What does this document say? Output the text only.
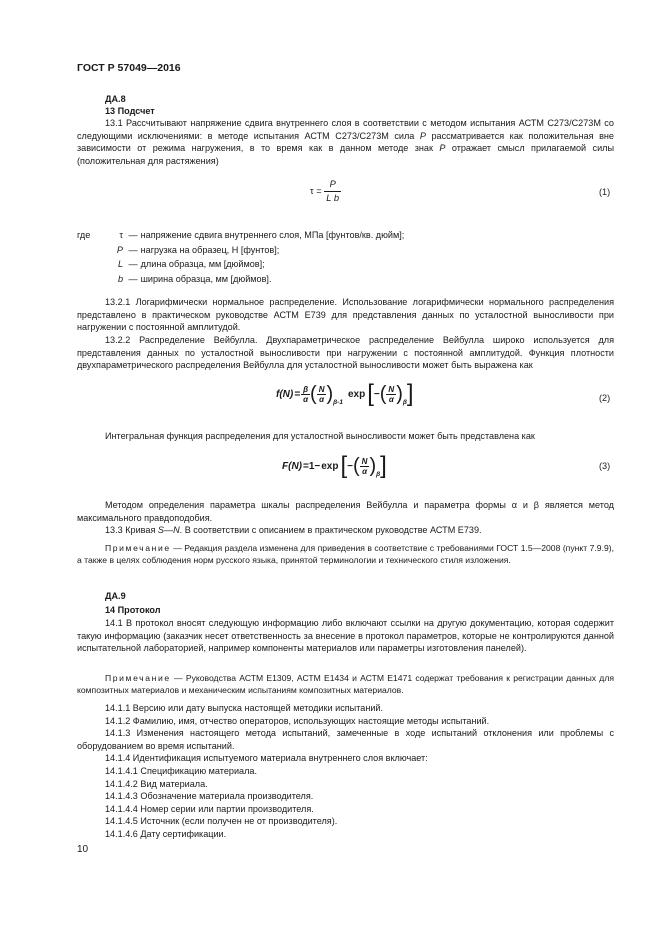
ГОСТ Р 57049—2016
ДА.8
13 Подсчет
13.1 Рассчитывают напряжение сдвига внутреннего слоя в соответствии с методом испытания АСТМ С273/С273М со следующими исключениями: в методе испытания АСТМ С273/С273М сила P рассматривается как положительная вне зависимости от режима нагружения, в то время как в данном методе знак P отражает смысл прилагаемой силы (положительная для растяжения)
$\tau = \frac{P}{\text{L b}}$	(1)
где	τ — напряжение сдвига внутреннего слоя, МПа [фунтов/кв. дюйм];
P — нагрузка на образец, Н [фунтов];
L — длина образца, мм [дюймов];
b — ширина образца, мм [дюймов].
13.2.1 Логарифмически нормальное распределение. Использование логарифмически нормального распределения представлено в практическом руководстве АСТМ Е739 для представления данных по усталостной выносливости при нагружении с постоянной амплитудой.
13.2.2 Распределение Вейбулла. Двухпараметрическое распределение Вейбулла широко используется для представления данных по усталостной выносливости при нагружении с постоянной амплитудой. Функция плотности двухпараметрического распределения Вейбулла для усталостной выносливости может быть выражена как
$f(N) = \frac{\beta}{\alpha}$ ( $\frac{N}{\alpha}$ ) β-1
exp [ − ( $\frac{N}{\alpha}$ ) β ]	(2)
Интегральная функция распределения для усталостной выносливости может быть представлена как
F(N) =1− exp [ − ( $\frac{N}{\alpha}$ ) β ]	(3)
Методом определения параметра шкалы распределения Вейбулла и параметра формы α и β является метод максимального правдоподобия.
13.3 Кривая S—N. В соответствии с описанием в практическом руководстве АСТМ Е739.
Примечание — Редакция раздела изменена для приведения в соответствие с требованиями ГОСТ 1.5—2008 (пункт 7.9.9), а также в целях соблюдения норм русского языка, принятой терминологии и технического стиля изложения.
ДА.9
14 Протокол
14.1 В протокол вносят следующую информацию либо включают ссылки на другую документацию, которая содержит такую информацию (заказчик несет ответственность за внесение в протокол параметров, которые не контролируются данной испытательной лабораторией, например компоненты материалов или параметры изготовления панелей).
Примечание — Руководства АСТМ Е1309, АСТМ Е1434 и АСТМ Е1471 содержат требования к регистрации данных для композитных материалов и механическим испытаниям композитных материалов.
14.1.1 Версию или дату выпуска настоящей методики испытаний.
14.1.2 Фамилию, имя, отчество операторов, использующих настоящие методы испытаний.
14.1.3 Изменения настоящего метода испытаний, замеченные в ходе испытаний отклонения или проблемы с оборудованием во время испытаний.
14.1.4 Идентификация испытуемого материала внутреннего слоя включает:
14.1.4.1 Спецификацию материала.
14.1.4.2 Вид материала.
14.1.4.3 Обозначение материала производителя.
14.1.4.4 Номер серии или партии производителя.
14.1.4.5 Источник (если получен не от производителя).
14.1.4.6 Дату сертификации.
10
